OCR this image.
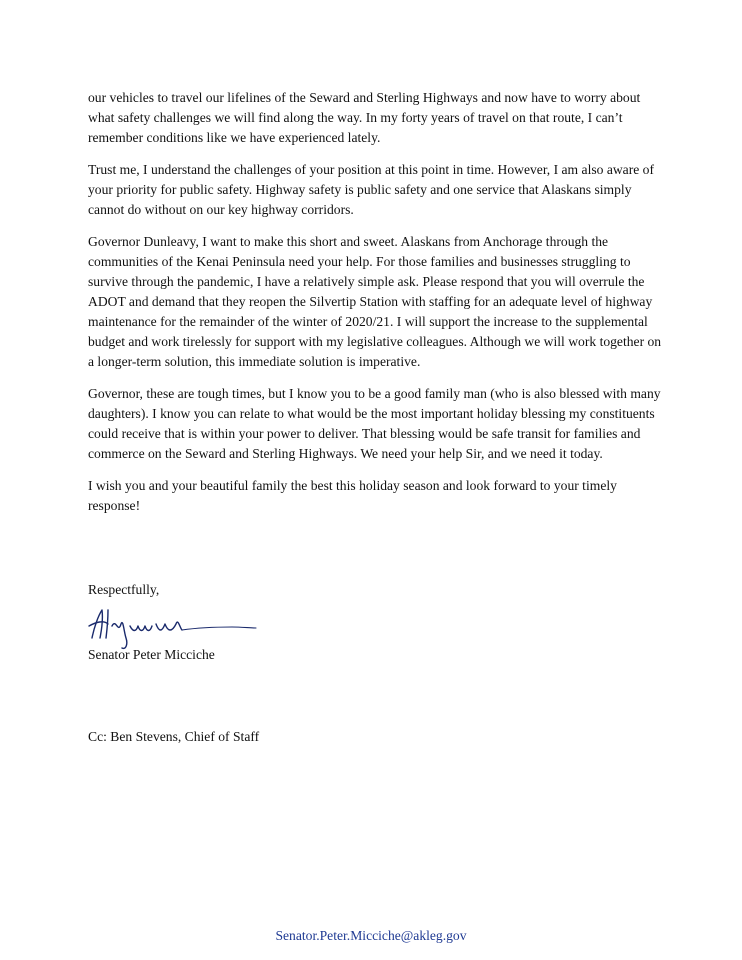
our vehicles to travel our lifelines of the Seward and Sterling Highways and now have to worry about what safety challenges we will find along the way. In my forty years of travel on that route, I can’t remember conditions like we have experienced lately.

Trust me, I understand the challenges of your position at this point in time. However, I am also aware of your priority for public safety. Highway safety is public safety and one service that Alaskans simply cannot do without on our key highway corridors.

Governor Dunleavy, I want to make this short and sweet. Alaskans from Anchorage through the communities of the Kenai Peninsula need your help. For those families and businesses struggling to survive through the pandemic, I have a relatively simple ask. Please respond that you will overrule the ADOT and demand that they reopen the Silvertip Station with staffing for an adequate level of highway maintenance for the remainder of the winter of 2020/21. I will support the increase to the supplemental budget and work tirelessly for support with my legislative colleagues. Although we will work together on a longer-term solution, this immediate solution is imperative.

Governor, these are tough times, but I know you to be a good family man (who is also blessed with many daughters). I know you can relate to what would be the most important holiday blessing my constituents could receive that is within your power to deliver. That blessing would be safe transit for families and commerce on the Seward and Sterling Highways. We need your help Sir, and we need it today.

I wish you and your beautiful family the best this holiday season and look forward to your timely response!

Respectfully,
Senator Peter Micciche
Cc: Ben Stevens, Chief of Staff
Senator.Peter.Micciche@akleg.gov
